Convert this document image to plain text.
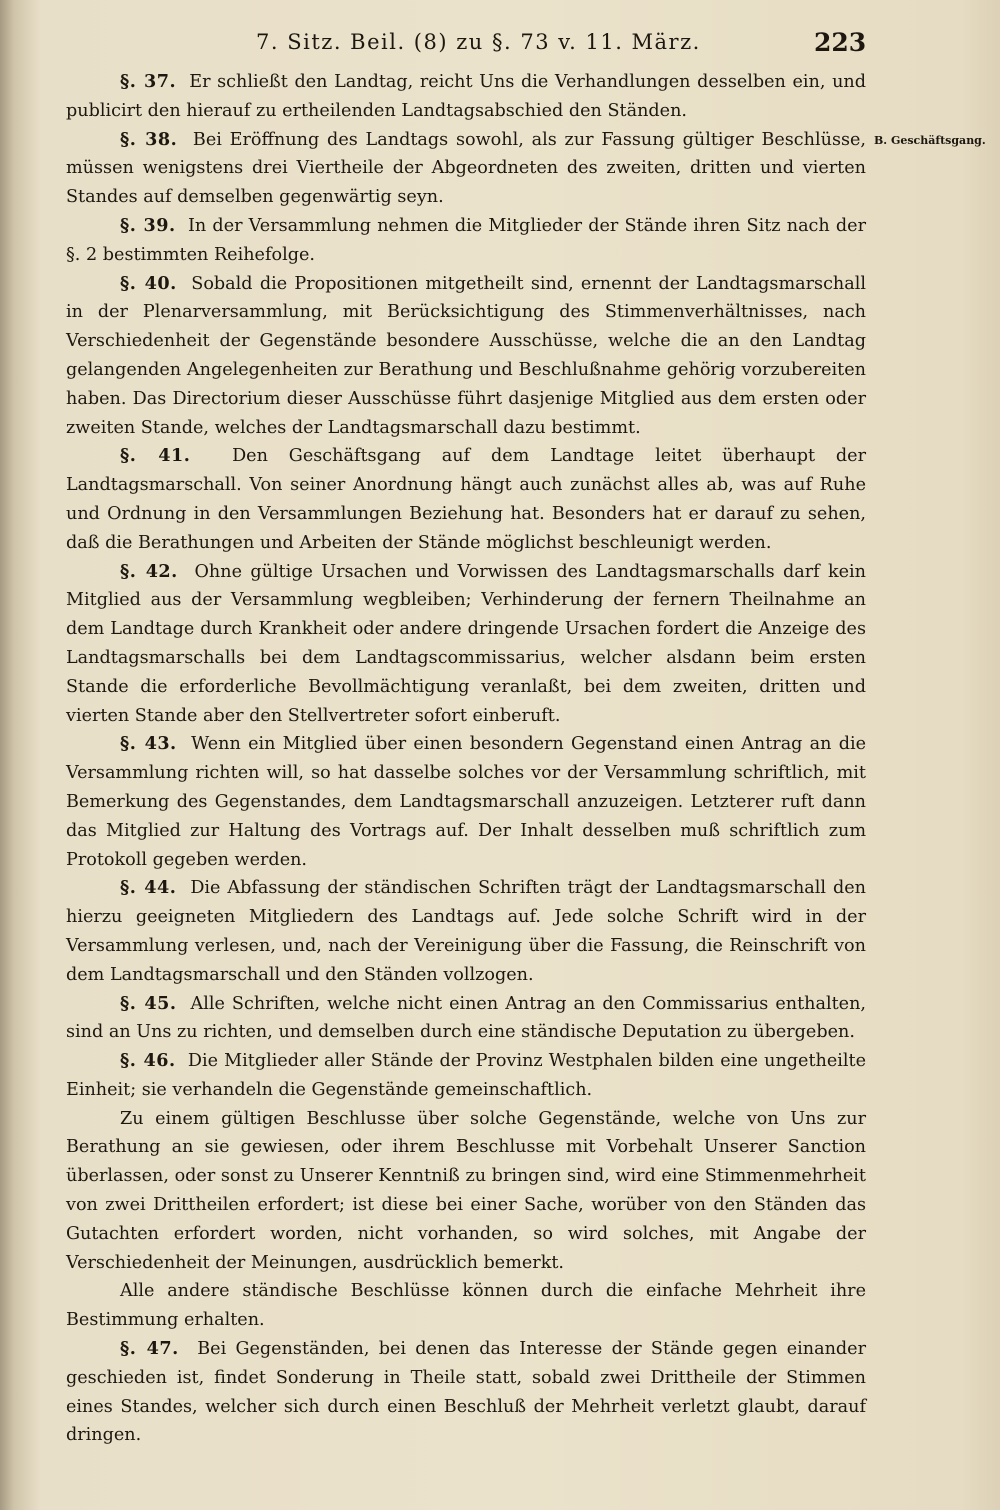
7. Sitz. Beil. (8) zu §. 73 v. 11. März.	223
B. Geschäftsgang.

§. 37. Er schließt den Landtag, reicht Uns die Verhandlungen desselben ein, und publicirt den hierauf zu ertheilenden Landtagsabschied den Ständen.

§. 38. Bei Eröffnung des Landtags sowohl, als zur Fassung gültiger Beschlüsse, müssen wenigstens drei Viertheile der Abgeordneten des zweiten, dritten und vierten Standes auf demselben gegenwärtig seyn.

§. 39. In der Versammlung nehmen die Mitglieder der Stände ihren Sitz nach der §. 2 bestimmten Reihefolge.

§. 40. Sobald die Propositionen mitgetheilt sind, ernennt der Landtagsmarschall in der Plenarversammlung, mit Berücksichtigung des Stimmenverhältnisses, nach Verschiedenheit der Gegenstände besondere Ausschüsse, welche die an den Landtag gelangenden Angelegenheiten zur Berathung und Beschlußnahme gehörig vorzubereiten haben. Das Directorium dieser Ausschüsse führt dasjenige Mitglied aus dem ersten oder zweiten Stande, welches der Landtagsmarschall dazu bestimmt.

§. 41. Den Geschäftsgang auf dem Landtage leitet überhaupt der Landtagsmarschall. Von seiner Anordnung hängt auch zunächst alles ab, was auf Ruhe und Ordnung in den Versammlungen Beziehung hat. Besonders hat er darauf zu sehen, daß die Berathungen und Arbeiten der Stände möglichst beschleunigt werden.

§. 42. Ohne gültige Ursachen und Vorwissen des Landtagsmarschalls darf kein Mitglied aus der Versammlung wegbleiben; Verhinderung der fernern Theilnahme an dem Landtage durch Krankheit oder andere dringende Ursachen fordert die Anzeige des Landtagsmarschalls bei dem Landtagscommissarius, welcher alsdann beim ersten Stande die erforderliche Bevollmächtigung veranlaßt, bei dem zweiten, dritten und vierten Stande aber den Stellvertreter sofort einberuft.

§. 43. Wenn ein Mitglied über einen besondern Gegenstand einen Antrag an die Versammlung richten will, so hat dasselbe solches vor der Versammlung schriftlich, mit Bemerkung des Gegenstandes, dem Landtagsmarschall anzuzeigen. Letzterer ruft dann das Mitglied zur Haltung des Vortrags auf. Der Inhalt desselben muß schriftlich zum Protokoll gegeben werden.

§. 44. Die Abfassung der ständischen Schriften trägt der Landtagsmarschall den hierzu geeigneten Mitgliedern des Landtags auf. Jede solche Schrift wird in der Versammlung verlesen, und, nach der Vereinigung über die Fassung, die Reinschrift von dem Landtagsmarschall und den Ständen vollzogen.

§. 45. Alle Schriften, welche nicht einen Antrag an den Commissarius enthalten, sind an Uns zu richten, und demselben durch eine ständische Deputation zu übergeben.

§. 46. Die Mitglieder aller Stände der Provinz Westphalen bilden eine ungetheilte Einheit; sie verhandeln die Gegenstände gemeinschaftlich.

Zu einem gültigen Beschlusse über solche Gegenstände, welche von Uns zur Berathung an sie gewiesen, oder ihrem Beschlusse mit Vorbehalt Unserer Sanction überlassen, oder sonst zu Unserer Kenntniß zu bringen sind, wird eine Stimmenmehrheit von zwei Drittheilen erfordert; ist diese bei einer Sache, worüber von den Ständen das Gutachten erfordert worden, nicht vorhanden, so wird solches, mit Angabe der Verschiedenheit der Meinungen, ausdrücklich bemerkt.

Alle andere ständische Beschlüsse können durch die einfache Mehrheit ihre Bestimmung erhalten.

§. 47. Bei Gegenständen, bei denen das Interesse der Stände gegen einander geschieden ist, findet Sonderung in Theile statt, sobald zwei Drittheile der Stimmen eines Standes, welcher sich durch einen Beschluß der Mehrheit verletzt glaubt, darauf dringen.
